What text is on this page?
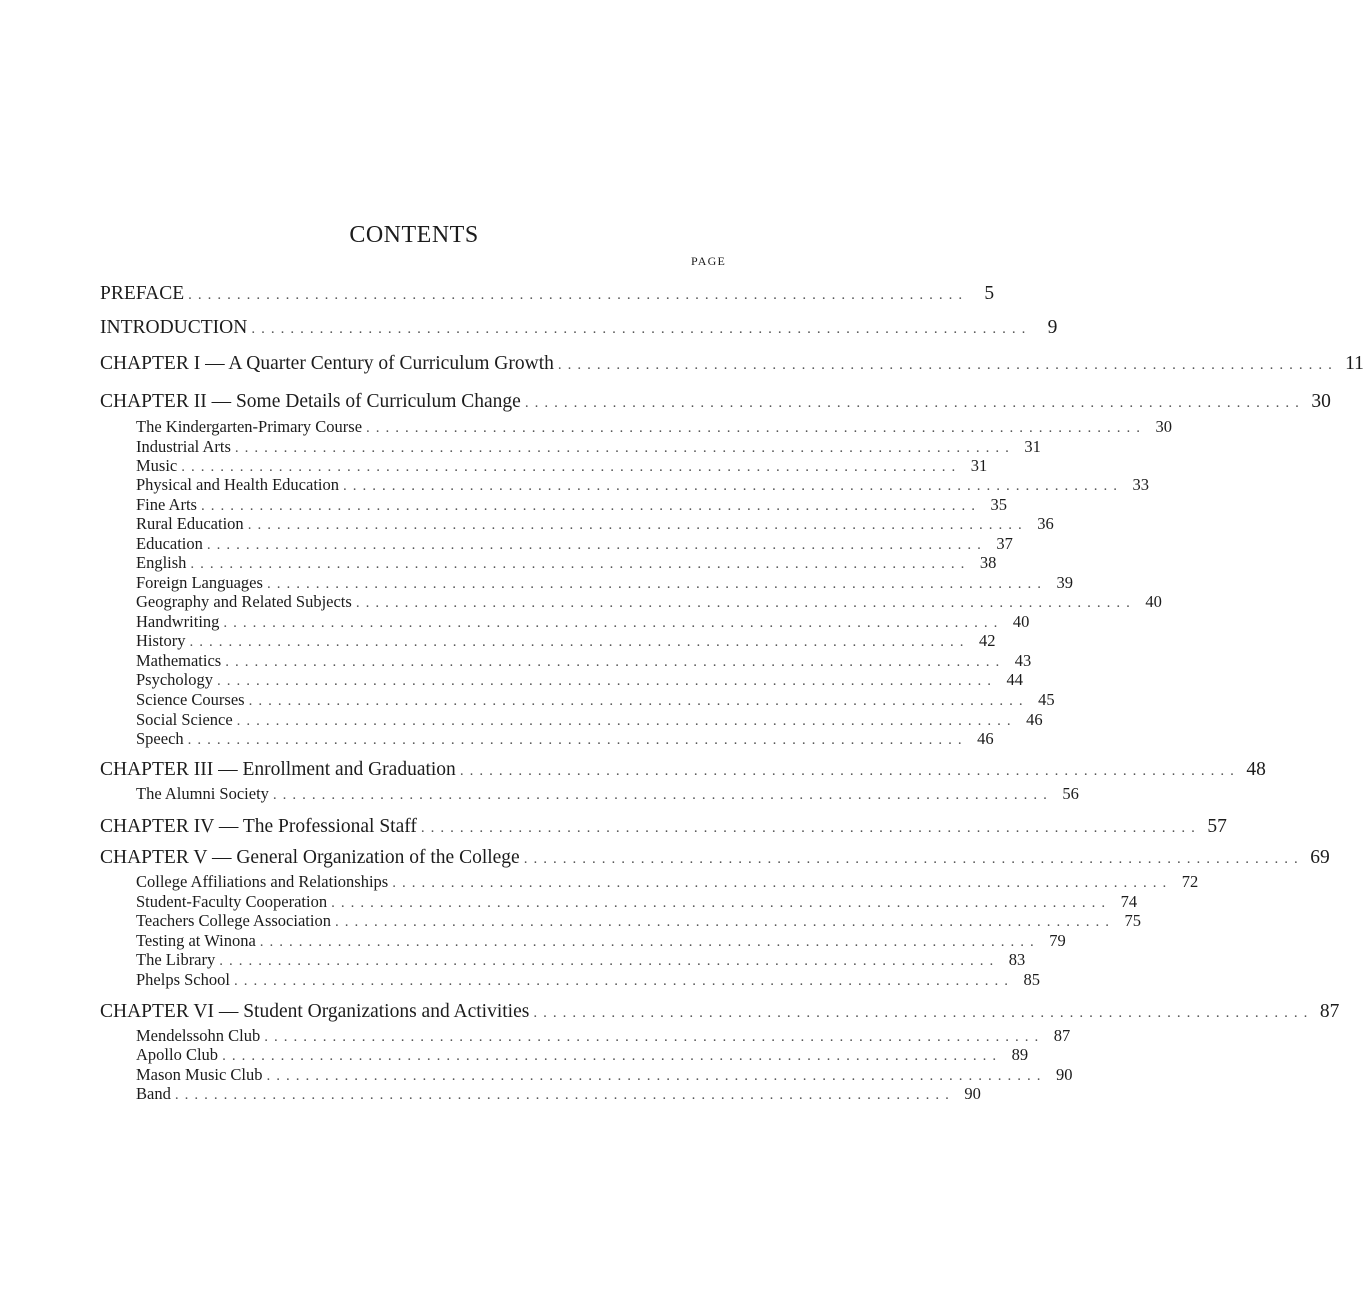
CONTENTS
PAGE
PREFACE ................................................................................ 5
INTRODUCTION ................................................................................ 9
CHAPTER I — A Quarter Century of Curriculum Growth ................................................................................ 11
CHAPTER II — Some Details of Curriculum Change ................................................................................ 30
The Kindergarten-Primary Course ................................................................................ 30
Industrial Arts ................................................................................ 31
Music ................................................................................ 31
Physical and Health Education ................................................................................ 33
Fine Arts ................................................................................ 35
Rural Education ................................................................................ 36
Education ................................................................................ 37
English ................................................................................ 38
Foreign Languages ................................................................................ 39
Geography and Related Subjects ................................................................................ 40
Handwriting ................................................................................ 40
History ................................................................................ 42
Mathematics ................................................................................ 43
Psychology ................................................................................ 44
Science Courses ................................................................................ 45
Social Science ................................................................................ 46
Speech ................................................................................ 46
CHAPTER III — Enrollment and Graduation ................................................................................ 48
The Alumni Society ................................................................................ 56
CHAPTER IV — The Professional Staff ................................................................................ 57
CHAPTER V — General Organization of the College ................................................................................ 69
College Affiliations and Relationships ................................................................................ 72
Student-Faculty Cooperation ................................................................................ 74
Teachers College Association ................................................................................ 75
Testing at Winona ................................................................................ 79
The Library ................................................................................ 83
Phelps School ................................................................................ 85
CHAPTER VI — Student Organizations and Activities ................................................................................ 87
Mendelssohn Club ................................................................................ 87
Apollo Club ................................................................................ 89
Mason Music Club ................................................................................ 90
Band ................................................................................ 90
